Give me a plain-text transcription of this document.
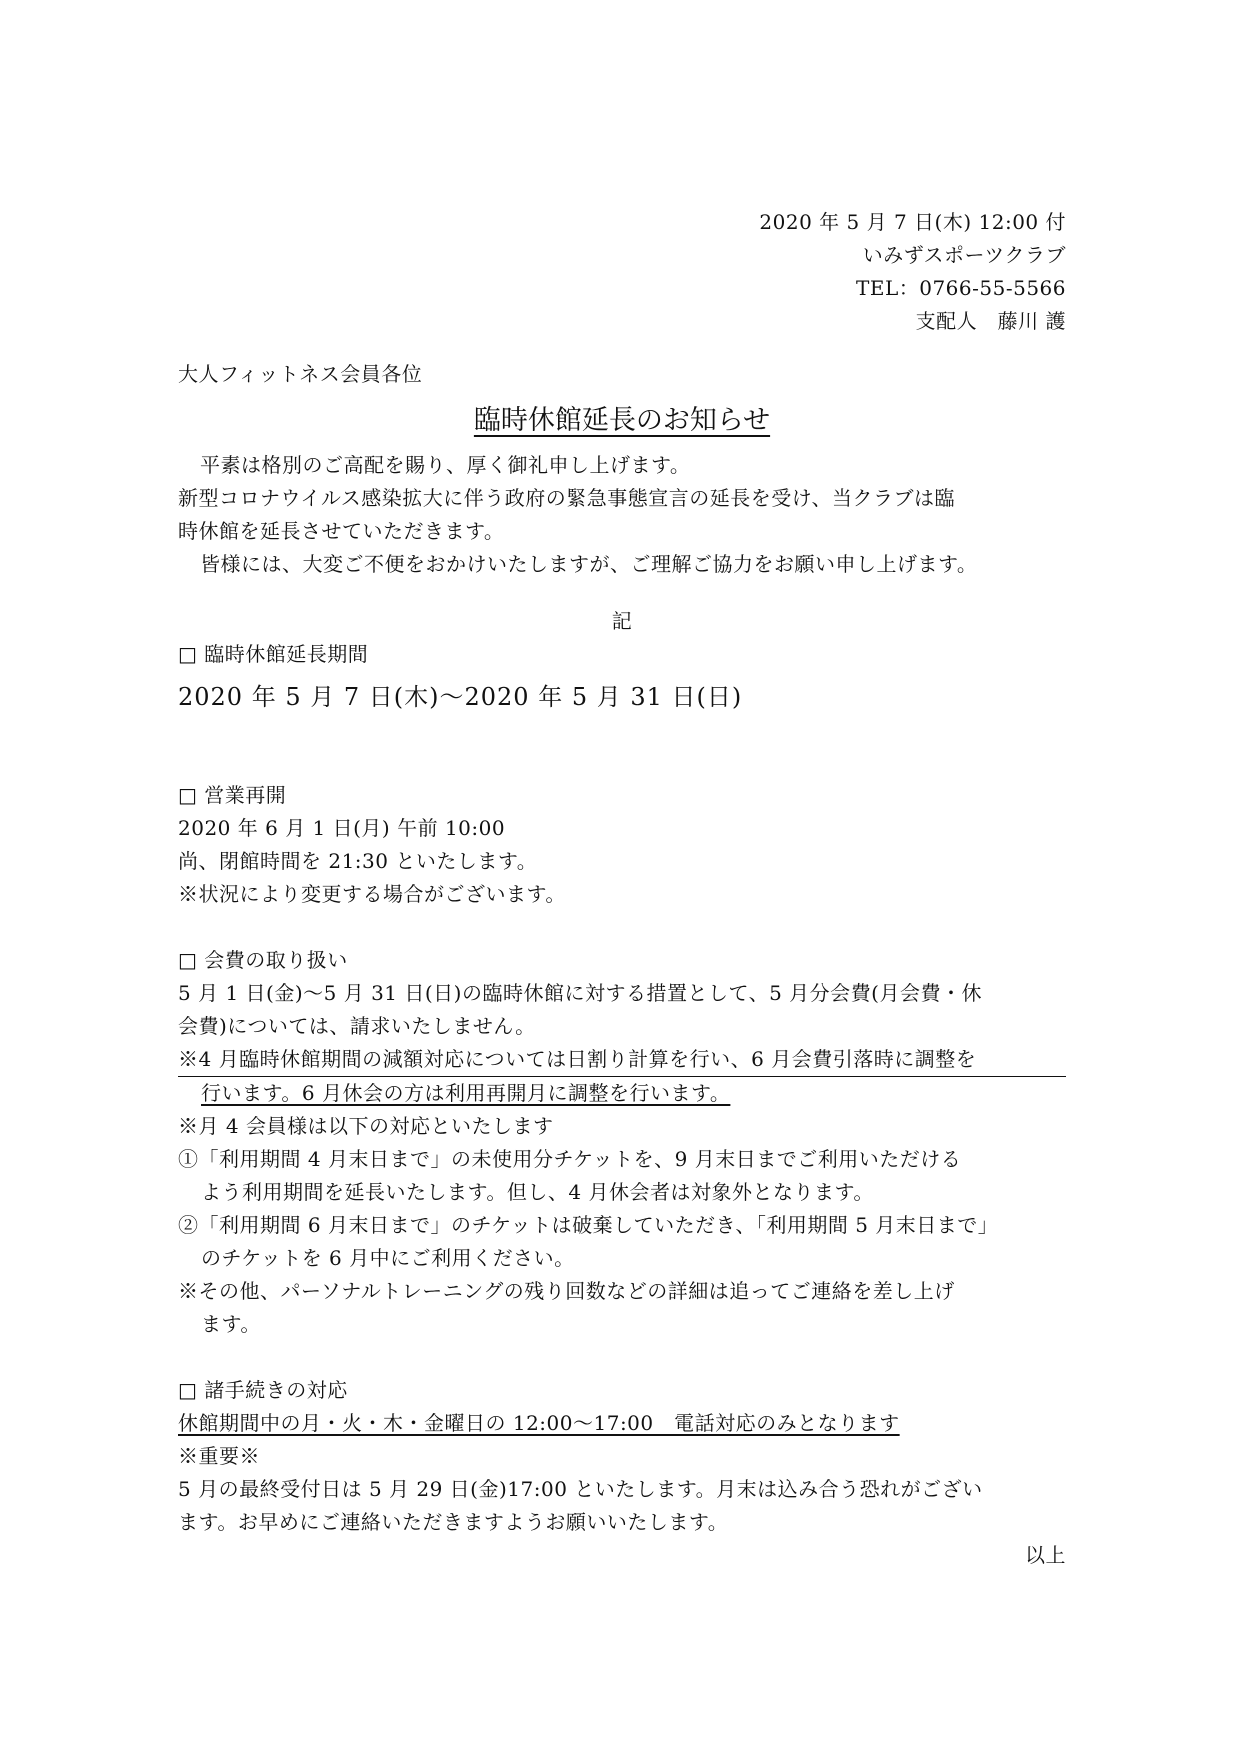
2020 年 5 月 7 日(木) 12:00 付
いみずスポーツクラブ
TEL：0766-55-5566
支配人　藤川 護
大人フィットネス会員各位
臨時休館延長のお知らせ
平素は格別のご高配を賜り、厚く御礼申し上げます。
新型コロナウイルス感染拡大に伴う政府の緊急事態宣言の延長を受け、当クラブは臨
時休館を延長させていただきます。
皆様には、大変ご不便をおかけいたしますが、ご理解ご協力をお願い申し上げます。
記
□ 臨時休館延長期間
2020 年 5 月 7 日(木)～2020 年 5 月 31 日(日)
□ 営業再開
2020 年 6 月 1 日(月) 午前 10:00
尚、閉館時間を 21:30 といたします。
※状況により変更する場合がございます。
□ 会費の取り扱い
5 月 1 日(金)～5 月 31 日(日)の臨時休館に対する措置として、5 月分会費(月会費・休
会費)については、請求いたしません。
※4 月臨時休館期間の減額対応については日割り計算を行い、6 月会費引落時に調整を
行います。6 月休会の方は利用再開月に調整を行います。
※月 4 会員様は以下の対応といたします
①「利用期間 4 月末日まで」の未使用分チケットを、9 月末日までご利用いただける
よう利用期間を延長いたします。但し、4 月休会者は対象外となります。
②「利用期間 6 月末日まで」のチケットは破棄していただき、「利用期間 5 月末日まで」
のチケットを 6 月中にご利用ください。
※その他、パーソナルトレーニングの残り回数などの詳細は追ってご連絡を差し上げ
ます。
□ 諸手続きの対応
休館期間中の月・火・木・金曜日の 12:00～17:00　電話対応のみとなります
※重要※
5 月の最終受付日は 5 月 29 日(金)17:00 といたします。月末は込み合う恐れがござい
ます。お早めにご連絡いただきますようお願いいたします。
以上
